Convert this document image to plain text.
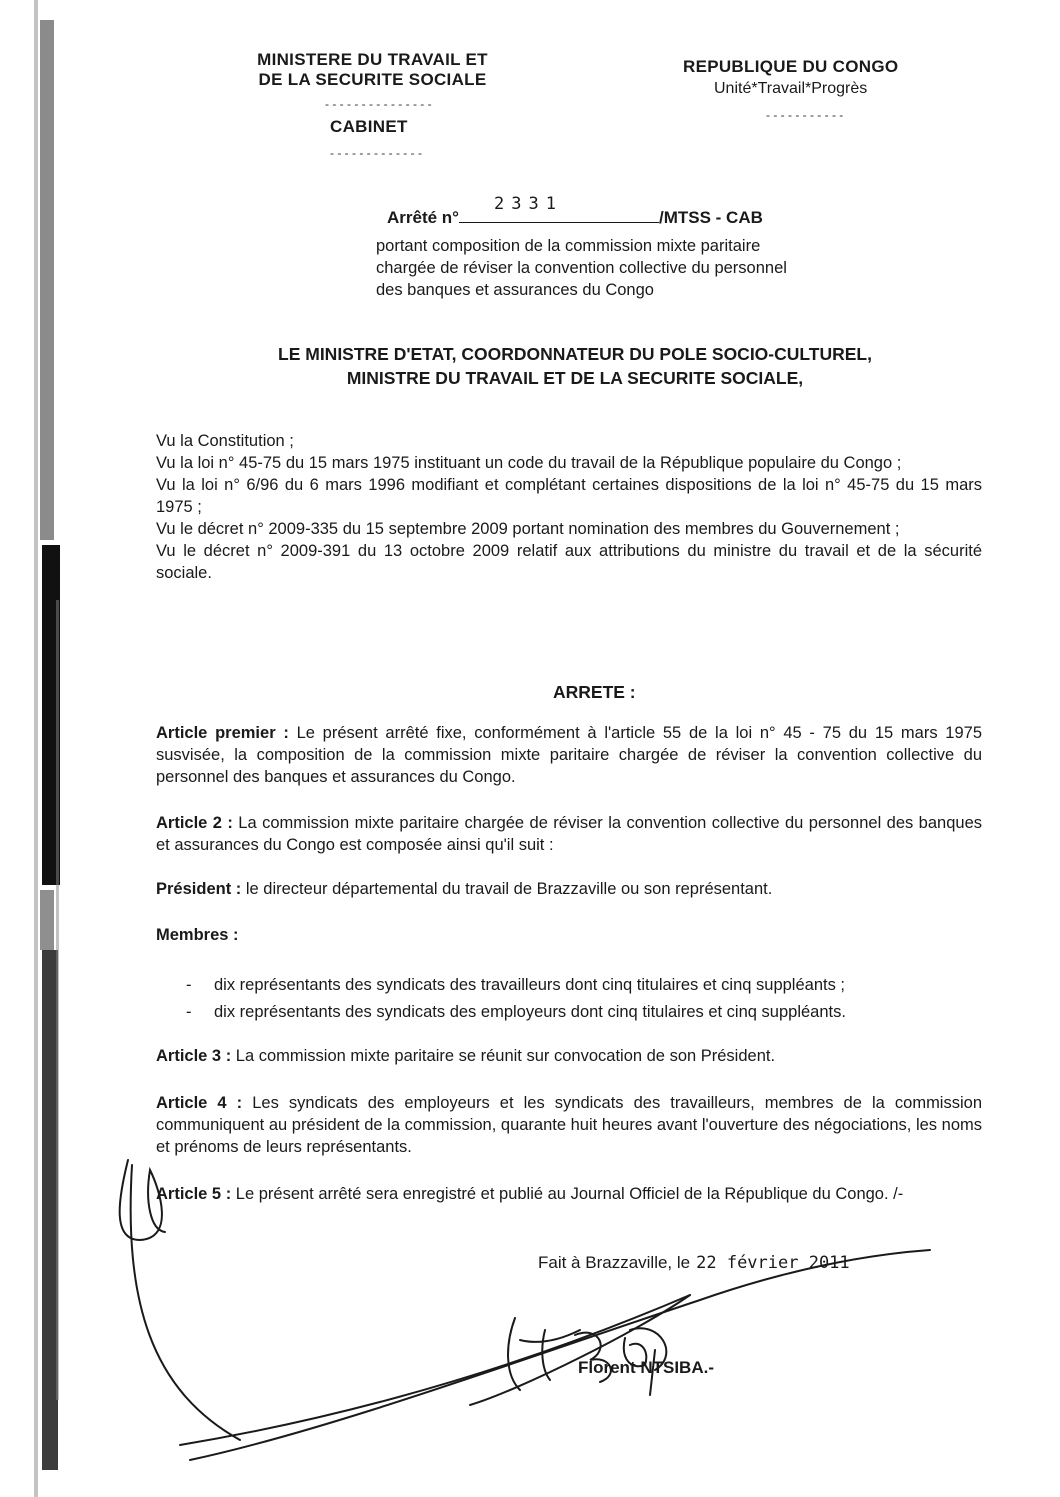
MINISTERE DU TRAVAIL ET
DE LA SECURITE SOCIALE
- - - - - - - - - - - - - - -
CABINET
- - - - - - - - - - - - -
REPUBLIQUE DU CONGO
Unité*Travail*Progrès
- - - - - - - - - - -
Arrêté n°
2331
/MTSS - CAB
portant composition de la commission mixte paritaire
chargée de réviser la convention collective du personnel
des banques et assurances du Congo
LE MINISTRE D'ETAT, COORDONNATEUR DU POLE SOCIO-CULTUREL,
MINISTRE DU TRAVAIL ET DE LA SECURITE SOCIALE,

Vu la Constitution ;

Vu la loi n° 45-75 du 15 mars 1975 instituant un code du travail de la République populaire du Congo ;

Vu la loi n° 6/96 du 6 mars 1996 modifiant et complétant certaines dispositions de la loi n° 45-75 du 15 mars 1975 ;

Vu le décret n° 2009-335 du 15 septembre 2009 portant nomination des membres du Gouvernement ;

Vu le décret n° 2009-391 du 13 octobre 2009 relatif aux attributions du ministre du travail et de la sécurité sociale.

ARRETE :

Article premier : Le présent arrêté fixe, conformément à l'article 55 de la loi n° 45 - 75 du 15 mars 1975 susvisée, la composition de la commission mixte paritaire chargée de réviser la convention collective du personnel des banques et assurances du Congo.

Article 2 : La commission mixte paritaire chargée de réviser la convention collective du personnel des banques et assurances du Congo est composée ainsi qu'il suit :

Président : le directeur départemental du travail de Brazzaville ou son représentant.

Membres :

- dix représentants des syndicats des travailleurs dont cinq titulaires et cinq suppléants ;
- dix représentants des syndicats des employeurs dont cinq titulaires et cinq suppléants.

Article 3 : La commission mixte paritaire se réunit sur convocation de son Président.

Article 4 : Les syndicats des employeurs et les syndicats des travailleurs, membres de la commission communiquent au président de la commission, quarante huit heures avant l'ouverture des négociations, les noms et prénoms de leurs représentants.

Article 5 : Le présent arrêté sera enregistré et publié au Journal Officiel de la République du Congo. /-

Fait à Brazzaville, le 22 février 2011
Florent NTSIBA.-
